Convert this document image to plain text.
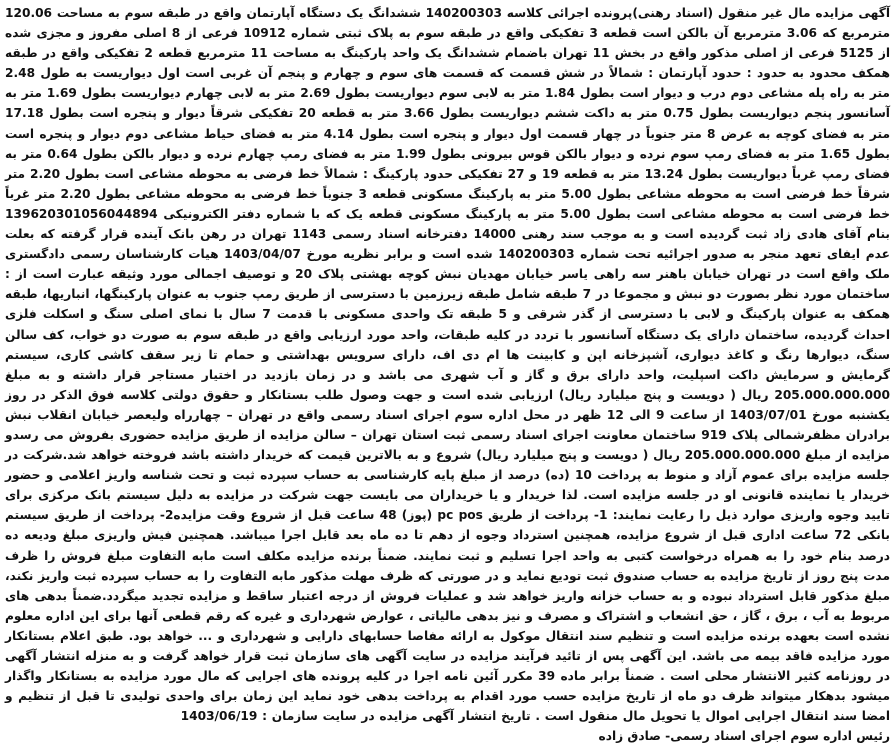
آگهی مزایده مال غیر منقول (اسناد رهنی)پرونده اجرائی کلاسه 140200303 ششدانگ یک دستگاه آپارتمان واقع در طبقه سوم به مساحت 120.06 مترمربع که 3.06 مترمربع آن بالکن است قطعه 3 تفکیکی واقع در طبقه سوم به پلاک ثبتی شماره 10912 فرعی از 8 اصلی مفروز و مجزی شده از 5125 فرعی از اصلی مذکور واقع در بخش 11 تهران باضمام ششدانگ یک واحد پارکینگ به مساحت 11 مترمربع قطعه 2 تفکیکی واقع در طبقه همکف محدود به حدود : حدود آپارتمان : شمالاً در شش قسمت که قسمت های سوم و چهارم و پنجم آن غربی است اول دیواریست به طول 2.48 متر به راه پله مشاعی دوم درب و دیوار است بطول 1.84 متر به لابی سوم دیواریست بطول 2.69 متر به لابی چهارم دیواریست بطول 1.69 متر به آسانسور پنجم دیواریست بطول 0.75 متر به داکت ششم دیواریست بطول 3.66 متر به قطعه 20 تفکیکی شرقاً دیوار و پنجره است بطول 17.18 متر به فضای کوچه به عرض 8 متر جنوباً در چهار قسمت اول دیوار و پنجره است بطول 4.14 متر به فضای حیاط مشاعی دوم دیوار و پنجره است بطول 1.65 متر به فضای رمپ سوم نرده و دیوار بالکن قوس بیرونی بطول 1.99 متر به فضای رمپ چهارم نرده و دیوار بالکن بطول 0.64 متر به فضای رمپ غرباً دیواریست بطول 13.24 متر به قطعه 19 و 27 تفکیکی حدود پارکینگ : شمالاً خط فرضی به محوطه مشاعی است بطول 2.20 متر شرقاً خط فرضی است به محوطه مشاعی بطول 5.00 متر به پارکینگ مسکونی قطعه 3 جنوباً خط فرضی به محوطه مشاعی بطول 2.20 متر غرباً خط فرضی است به محوطه مشاعی است بطول 5.00 متر به پارکینگ مسکونی قطعه یک که با شماره دفتر الکترونیکی 139620301056044894 بنام آقای هادی زاد ثبت گردیده است و به موجب سند رهنی 14000 دفترخانه اسناد رسمی 1143 تهران در رهن بانک آینده قرار گرفته که بعلت عدم ایفای تعهد منجر به صدور اجرائیه تحت شماره 140200303 شده است و برابر نظریه مورخ 1403/04/07 هیات کارشناسان رسمی دادگستری ملک واقع است در تهران خیابان باهنر سه راهی یاسر خیابان مهدیان نبش کوچه بهشتی پلاک 20 و توصیف اجمالی مورد وثیقه عبارت است از : ساختمان مورد نظر بصورت دو نبش و مجموعا در 7 طبقه شامل طبقه زیرزمین با دسترسی از طریق رمپ جنوب به عنوان پارکینگها، انباریها، طبقه همکف به عنوان پارکینگ و لابی با دسترسی از گذر شرقی و 5 طبقه تک واحدی مسکونی با قدمت 7 سال با نمای اصلی سنگ و اسکلت فلزی احداث گردیده، ساختمان دارای یک دستگاه آسانسور با تردد در کلیه طبقات، واحد مورد ارزیابی واقع در طبقه سوم به صورت دو خواب، کف سالن سنگ، دیوارها رنگ و کاغذ دیواری، آشپزخانه اپن و کابینت ها ام دی اف، دارای سرویس بهداشتی و حمام تا زیر سقف کاشی کاری، سیستم گرمایش و سرمایش داکت اسپلیت، واحد دارای برق و گاز و آب شهری می باشد و در زمان بازدید در اختیار مستاجر قرار داشته و به مبلغ 205.000.000.000 ریال ( دویست و پنج میلیارد ریال) ارزیابی شده است و جهت وصول طلب بستانکار و حقوق دولتی کلاسه فوق الذکر در روز یکشنبه مورخ 1403/07/01 از ساعت 9 الی 12 ظهر در محل اداره سوم اجرای اسناد رسمی واقع در تهران – چهارراه ولیعصر خیابان انقلاب نبش برادران مظفرشمالی پلاک 919 ساختمان معاونت اجرای اسناد رسمی ثبت استان تهران – سالن مزایده از طریق مزایده حضوری بفروش می رسدو مزایده از مبلغ 205.000.000.000 ریال ( دویست و پنج میلیارد ریال) شروع و به بالاترین قیمت که خریدار داشته باشد فروخته خواهد شد.شرکت در جلسه مزایده برای عموم آزاد و منوط به پرداخت 10 (ده) درصد از مبلغ پایه کارشناسی به حساب سپرده ثبت و تحت شناسه واریز اعلامی و حضور خریدار یا نماینده قانونی او در جلسه مزایده است. لذا خریدار و یا خریداران می بایست جهت شرکت در مزایده به دلیل سیستم بانک مرکزی برای تایید وجوه واریزی موارد ذیل را رعایت نمایند: 1- پرداخت از طریق pc pos (پوز) 48 ساعت قبل از شروع وقت مزایده2- پرداخت از طریق سیستم بانکی 72 ساعت اداری قبل از شروع مزایده، همچنین استرداد وجوه از دهم تا ده ماه بعد قابل اجرا میباشد. همچنین فیش واریزی مبلغ ودیعه ده درصد بنام خود را به همراه درخواست کتبی به واحد اجرا تسلیم و ثبت نمایند. ضمناً برنده مزایده مکلف است مابه التفاوت مبلغ فروش را ظرف مدت پنج روز از تاریخ مزایده به حساب صندوق ثبت تودیع نماید و در صورتی که ظرف مهلت مذکور مابه التفاوت را به حساب سپرده ثبت واریز نکند، مبلغ مذکور قابل استرداد نبوده و به حساب خزانه واریز خواهد شد و عملیات فروش از درجه اعتبار ساقط و مزایده تجدید میگردد.ضمناً بدهی های مربوط به آب ، برق ، گاز ، حق انشعاب و اشتراک و مصرف و نیز بدهی مالیاتی ، عوارض شهرداری و غیره که رقم قطعی آنها برای این اداره معلوم نشده است بعهده برنده مزایده است و تنظیم سند انتقال موکول به ارائه مفاصا حسابهای دارایی و شهرداری و ... خواهد بود. طبق اعلام بستانکار مورد مزایده فاقد بیمه می باشد. این آگهی پس از تائید فرآیند مزایده در سایت آگهی های سازمان ثبت قرار خواهد گرفت و به منزله انتشار آگهی در روزنامه کثیر الانتشار محلی است . ضمناً برابر ماده 39 مکرر آئین نامه اجرا در کلیه پرونده های اجرایی که مال مورد مزایده به بستانکار واگذار میشود بدهکار میتواند ظرف دو ماه از تاریخ مزایده حسب مورد اقدام به پرداخت بدهی خود نماید این زمان برای واحدی تولیدی تا قبل از تنظیم و امضا سند انتقال اجرایی اموال یا تحویل مال منقول است . تاریخ انتشار آگهی مزایده در سایت سازمان : 1403/06/19

رئیس اداره سوم اجرای اسناد رسمی- صادق زاده
